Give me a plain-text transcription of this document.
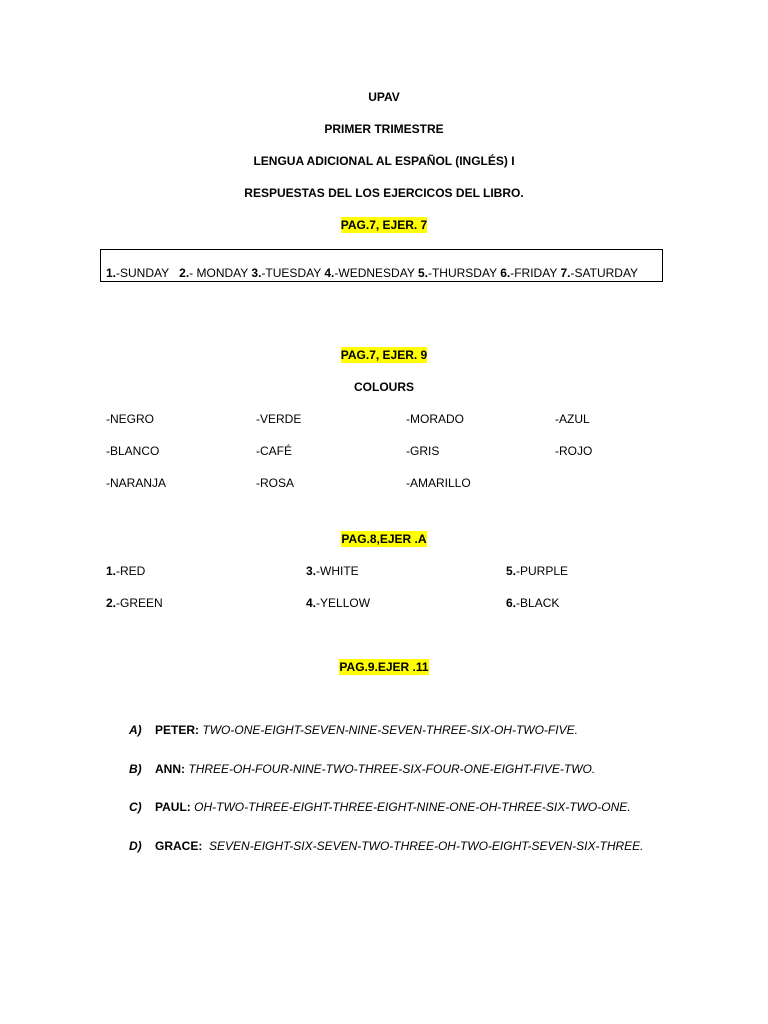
UPAV
PRIMER TRIMESTRE
LENGUA ADICIONAL AL ESPAÑOL (INGLÉS) I
RESPUESTAS DEL LOS EJERCICOS DEL LIBRO.
PAG.7, EJER. 7
1.-SUNDAY 2.- MONDAY 3.-TUESDAY 4.-WEDNESDAY 5.-THURSDAY 6.-FRIDAY 7.-SATURDAY
PAG.7, EJER. 9
COLOURS
-NEGRO	-VERDE	-MORADO	-AZUL
-BLANCO	-CAFÉ	-GRIS	-ROJO
-NARANJA	-ROSA	-AMARILLO
PAG.8,EJER .A
1.-RED	3.-WHITE	5.-PURPLE
2.-GREEN	4.-YELLOW	6.-BLACK
PAG.9.EJER .11
A) PETER: TWO-ONE-EIGHT-SEVEN-NINE-SEVEN-THREE-SIX-OH-TWO-FIVE.
B) ANN: THREE-OH-FOUR-NINE-TWO-THREE-SIX-FOUR-ONE-EIGHT-FIVE-TWO.
C) PAUL: OH-TWO-THREE-EIGHT-THREE-EIGHT-NINE-ONE-OH-THREE-SIX-TWO-ONE.
D) GRACE: SEVEN-EIGHT-SIX-SEVEN-TWO-THREE-OH-TWO-EIGHT-SEVEN-SIX-THREE.
